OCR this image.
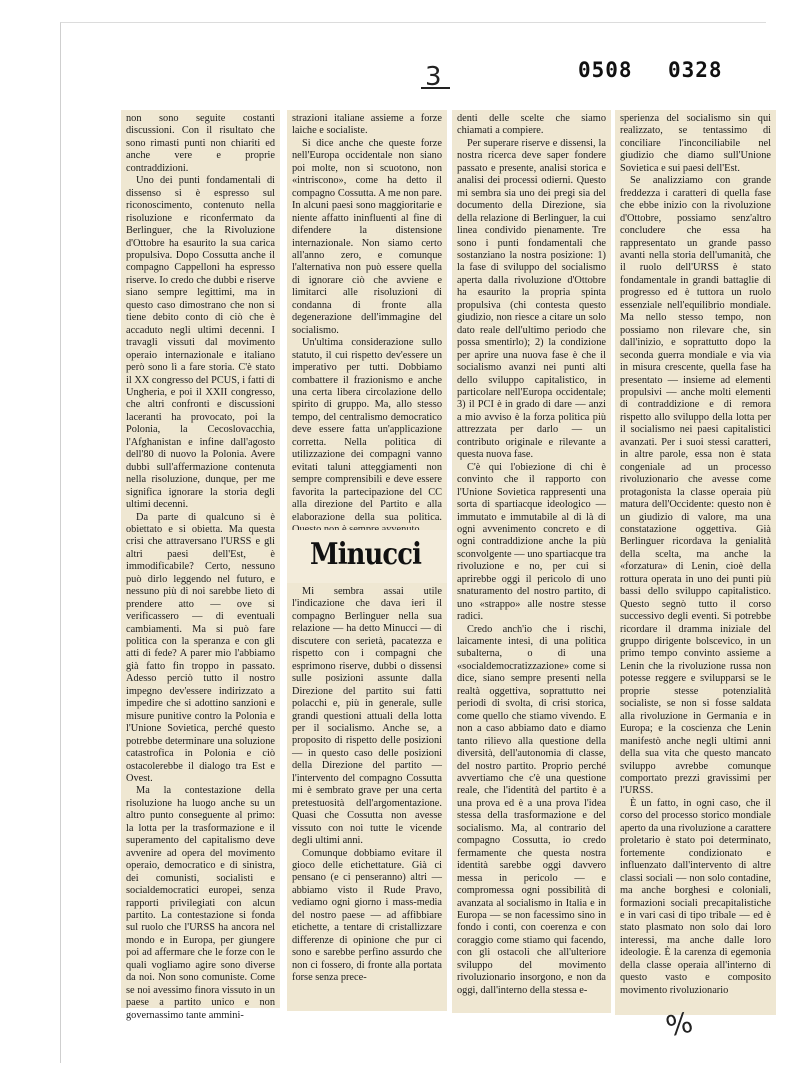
0508 0328
3

non sono seguite costanti discussioni. Con il risultato che sono rimasti punti non chiariti ed anche vere e proprie contraddizioni.

Uno dei punti fondamentali di dissenso si è espresso sul riconoscimento, contenuto nella risoluzione e riconfermato da Berlinguer, che la Rivoluzione d'Ottobre ha esaurito la sua carica propulsiva. Dopo Cossutta anche il compagno Cappelloni ha espresso riserve. Io credo che dubbi e riserve siano sempre legittimi, ma in questo caso dimostrano che non si tiene debito conto di ciò che è accaduto negli ultimi decenni. I travagli vissuti dal movimento operaio internazionale e italiano però sono lì a fare storia. C'è stato il XX congresso del PCUS, i fatti di Ungheria, e poi il XXII congresso, che altri confronti e discussioni laceranti ha provocato, poi la Polonia, la Cecoslovacchia, l'Afghanistan e infine dall'agosto dell'80 di nuovo la Polonia. Avere dubbi sull'affermazione contenuta nella risoluzione, dunque, per me significa ignorare la storia degli ultimi decenni.

Da parte di qualcuno si è obiettato e si obietta. Ma questa crisi che attraversano l'URSS e gli altri paesi dell'Est, è immodificabile? Certo, nessuno può dirlo leggendo nel futuro, e nessuno più di noi sarebbe lieto di prendere atto — ove si verificassero — di eventuali cambiamenti. Ma si può fare politica con la speranza e con gli atti di fede? A parer mio l'abbiamo già fatto fin troppo in passato. Adesso perciò tutto il nostro impegno dev'essere indirizzato a impedire che si adottino sanzioni e misure punitive contro la Polonia e l'Unione Sovietica, perché questo potrebbe determinare una soluzione catastrofica in Polonia e ciò ostacolerebbe il dialogo tra Est e Ovest.

Ma la contestazione della risoluzione ha luogo anche su un altro punto conseguente al primo: la lotta per la trasformazione e il superamento del capitalismo deve avvenire ad opera del movimento operaio, democratico e di sinistra, dei comunisti, socialisti e socialdemocratici europei, senza rapporti privilegiati con alcun partito. La contestazione si fonda sul ruolo che l'URSS ha ancora nel mondo e in Europa, per giungere poi ad affermare che le forze con le quali vogliamo agire sono diverse da noi. Non sono comuniste. Come se noi avessimo finora vissuto in un paese a partito unico e non governassimo tante ammini-

strazioni italiane assieme a forze laiche e socialiste.

Si dice anche che queste forze nell'Europa occidentale non siano poi molte, non si scuotono, non «intriscono», come ha detto il compagno Cossutta. A me non pare. In alcuni paesi sono maggioritarie e niente affatto ininfluenti al fine di difendere la distensione internazionale. Non siamo certo all'anno zero, e comunque l'alternativa non può essere quella di ignorare ciò che avviene e limitarci alle risoluzioni di condanna di fronte alla degenerazione dell'immagine del socialismo.

Un'ultima considerazione sullo statuto, il cui rispetto dev'essere un imperativo per tutti. Dobbiamo combattere il frazionismo e anche una certa libera circolazione dello spirito di gruppo. Ma, allo stesso tempo, del centralismo democratico deve essere fatta un'applicazione corretta. Nella politica di utilizzazione dei compagni vanno evitati taluni atteggiamenti non sempre comprensibili e deve essere favorita la partecipazione del CC alla direzione del Partito e alla elaborazione della sua politica.

Minucci

Mi sembra assai utile l'indicazione che dava ieri il compagno Berlinguer nella sua relazione — ha detto Minucci — di discutere con serietà, pacatezza e rispetto con i compagni che esprimono riserve, dubbi o dissensi sulle posizioni assunte dalla Direzione del partito sui fatti polacchi e, più in generale, sulle grandi questioni attuali della lotta per il socialismo. Anche se, a proposito di rispetto delle posizioni — in questo caso delle posizioni della Direzione del partito — l'intervento del compagno Cossutta mi è sembrato grave per una certa pretestuosità dell'argomentazione. Quasi che Cossutta non avesse vissuto con noi tutte le vicende degli ultimi anni.

Comunque dobbiamo evitare il gioco delle etichettature. Già ci pensano (e ci penseranno) altri — abbiamo visto il Rude Pravo, vediamo ogni giorno i mass-media del nostro paese — ad affibbiare etichette, a tentare di cristallizzare differenze di opinione che pur ci sono e sarebbe perfino assurdo che non ci fossero, di fronte alla portata forse senza prece-

denti delle scelte che siamo chiamati a compiere.

Per superare riserve e dissensi, la nostra ricerca deve saper fondere passato e presente, analisi storica e analisi dei processi odierni. Questo mi sembra sia uno dei pregi sia del documento della Direzione, sia della relazione di Berlinguer, la cui linea condivido pienamente. Tre sono i punti fondamentali che sostanziano la nostra posizione: 1) la fase di sviluppo del socialismo aperta dalla rivoluzione d'Ottobre ha esaurito la propria spinta propulsiva (chi contesta questo giudizio, non riesce a citare un solo dato reale dell'ultimo periodo che possa smentirlo); 2) la condizione per aprire una nuova fase è che il socialismo avanzi nei punti alti dello sviluppo capitalistico, in particolare nell'Europa occidentale; 3) il PCI è in grado di dare — anzi a mio avviso è la forza politica più attrezzata per darlo — un contributo originale e rilevante a questa nuova fase.

C'è qui l'obiezione di chi è convinto che il rapporto con l'Unione Sovietica rappresenti una sorta di spartiacque ideologico — immutato e immutabile al di là di ogni avvenimento concreto e di ogni contraddizione anche la più sconvolgente — uno spartiacque tra rivoluzione e no, per cui si aprirebbe oggi il pericolo di uno snaturamento del nostro partito, di uno «strappo» alle nostre stesse radici.

Credo anch'io che i rischi, laicamente intesi, di una politica subalterna, o di una «socialdemocratizzazione» come si dice, siano sempre presenti nella realtà oggettiva, soprattutto nei periodi di svolta, di crisi storica, come quello che stiamo vivendo. E non a caso abbiamo dato e diamo tanto rilievo alla questione della diversità, dell'autonomia di classe, del nostro partito. Proprio perché avvertiamo che c'è una questione reale, che l'identità del partito è a una prova ed è a una prova l'idea stessa della trasformazione e del socialismo. Ma, al contrario del compagno Cossutta, io credo fermamente che questa nostra identità sarebbe oggi davvero messa in pericolo — e compromessa ogni possibilità di avanzata al socialismo in Italia e in Europa — se non facessimo sino in fondo i conti, con coerenza e con coraggio come stiamo qui facendo, con gli ostacoli che all'ulteriore sviluppo del movimento rivoluzionario insorgono, e non da oggi, dall'interno della stessa e-

sperienza del socialismo sin qui realizzato, se tentassimo di conciliare l'inconciliabile nel giudizio che diamo sull'Unione Sovietica e sui paesi dell'Est.

Se analizziamo con grande freddezza i caratteri di quella fase che ebbe inizio con la rivoluzione d'Ottobre, possiamo senz'altro concludere che essa ha rappresentato un grande passo avanti nella storia dell'umanità, che il ruolo dell'URSS è stato fondamentale in grandi battaglie di progresso ed è tuttora un ruolo essenziale nell'equilibrio mondiale. Ma nello stesso tempo, non possiamo non rilevare che, sin dall'inizio, e soprattutto dopo la seconda guerra mondiale e via via in misura crescente, quella fase ha presentato — insieme ad elementi propulsivi — anche molti elementi di contraddizione e di remora rispetto allo sviluppo della lotta per il socialismo nei paesi capitalistici avanzati. Per i suoi stessi caratteri, in altre parole, essa non è stata congeniale ad un processo rivoluzionario che avesse come protagonista la classe operaia più matura dell'Occidente: questo non è un giudizio di valore, ma una constatazione oggettiva. Già Berlinguer ricordava la genialità della scelta, ma anche la «forzatura» di Lenin, cioè della rottura operata in uno dei punti più bassi dello sviluppo capitalistico. Questo segnò tutto il corso successivo degli eventi. Si potrebbe ricordare il dramma iniziale del gruppo dirigente bolscevico, in un primo tempo convinto assieme a Lenin che la rivoluzione russa non potesse reggere e svilupparsi se le proprie stesse potenzialità socialiste, se non si fosse saldata alla rivoluzione in Germania e in Europa; e la coscienza che Lenin manifestò anche negli ultimi anni della sua vita che questo mancato sviluppo avrebbe comunque comportato prezzi gravissimi per l'URSS.

È un fatto, in ogni caso, che il corso del processo storico mondiale aperto da una rivoluzione a carattere proletario è stato poi determinato, fortemente condizionato e influenzato dall'intervento di altre classi sociali — non solo contadine, ma anche borghesi e coloniali, formazioni sociali precapitalistiche e in vari casi di tipo tribale — ed è stato plasmato non solo dai loro interessi, ma anche dalle loro ideologie. È la carenza di egemonia della classe operaia all'interno di questo vasto e composito movimento rivoluzionario

%
